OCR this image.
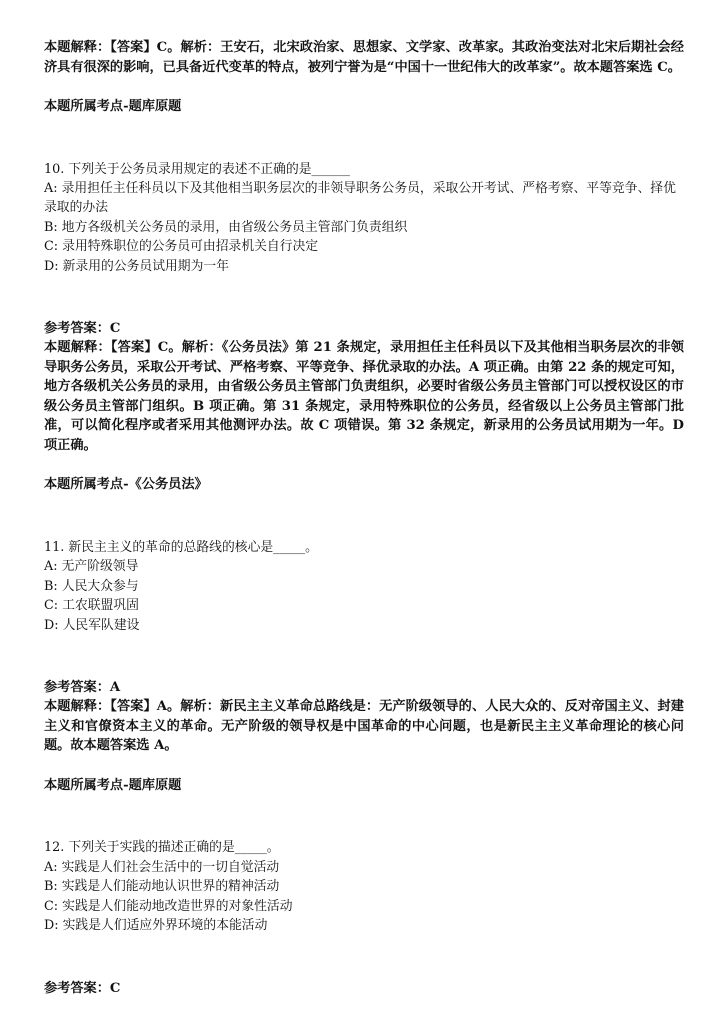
本题解释：【答案】C。解析：王安石，北宋政治家、思想家、文学家、改革家。其政治变法对北宋后期社会经济具有很深的影响，已具备近代变革的特点，被列宁誉为是“中国十一世纪伟大的改革家”。故本题答案选 C。

本题所属考点-题库原题

10. 下列关于公务员录用规定的表述不正确的是______

A: 录用担任主任科员以下及其他相当职务层次的非领导职务公务员，采取公开考试、严格考察、平等竞争、择优录取的办法

B: 地方各级机关公务员的录用，由省级公务员主管部门负责组织

C: 录用特殊职位的公务员可由招录机关自行决定

D: 新录用的公务员试用期为一年

参考答案：C

本题解释：【答案】C。解析：《公务员法》第 21 条规定，录用担任主任科员以下及其他相当职务层次的非领导职务公务员，采取公开考试、严格考察、平等竞争、择优录取的办法。A 项正确。由第 22 条的规定可知，地方各级机关公务员的录用，由省级公务员主管部门负责组织，必要时省级公务员主管部门可以授权设区的市级公务员主管部门组织。B 项正确。第 31 条规定，录用特殊职位的公务员，经省级以上公务员主管部门批准，可以简化程序或者采用其他测评办法。故 C 项错误。第 32 条规定，新录用的公务员试用期为一年。D 项正确。

本题所属考点-《公务员法》

11. 新民主主义的革命的总路线的核心是_____。

A: 无产阶级领导

B: 人民大众参与

C: 工农联盟巩固

D: 人民军队建设

参考答案：A

本题解释：【答案】A。解析：新民主主义革命总路线是：无产阶级领导的、人民大众的、反对帝国主义、封建主义和官僚资本主义的革命。无产阶级的领导权是中国革命的中心问题，也是新民主主义革命理论的核心问题。故本题答案选 A。

本题所属考点-题库原题

12. 下列关于实践的描述正确的是_____。

A: 实践是人们社会生活中的一切自觉活动

B: 实践是人们能动地认识世界的精神活动

C: 实践是人们能动地改造世界的对象性活动

D: 实践是人们适应外界环境的本能活动

参考答案：C
